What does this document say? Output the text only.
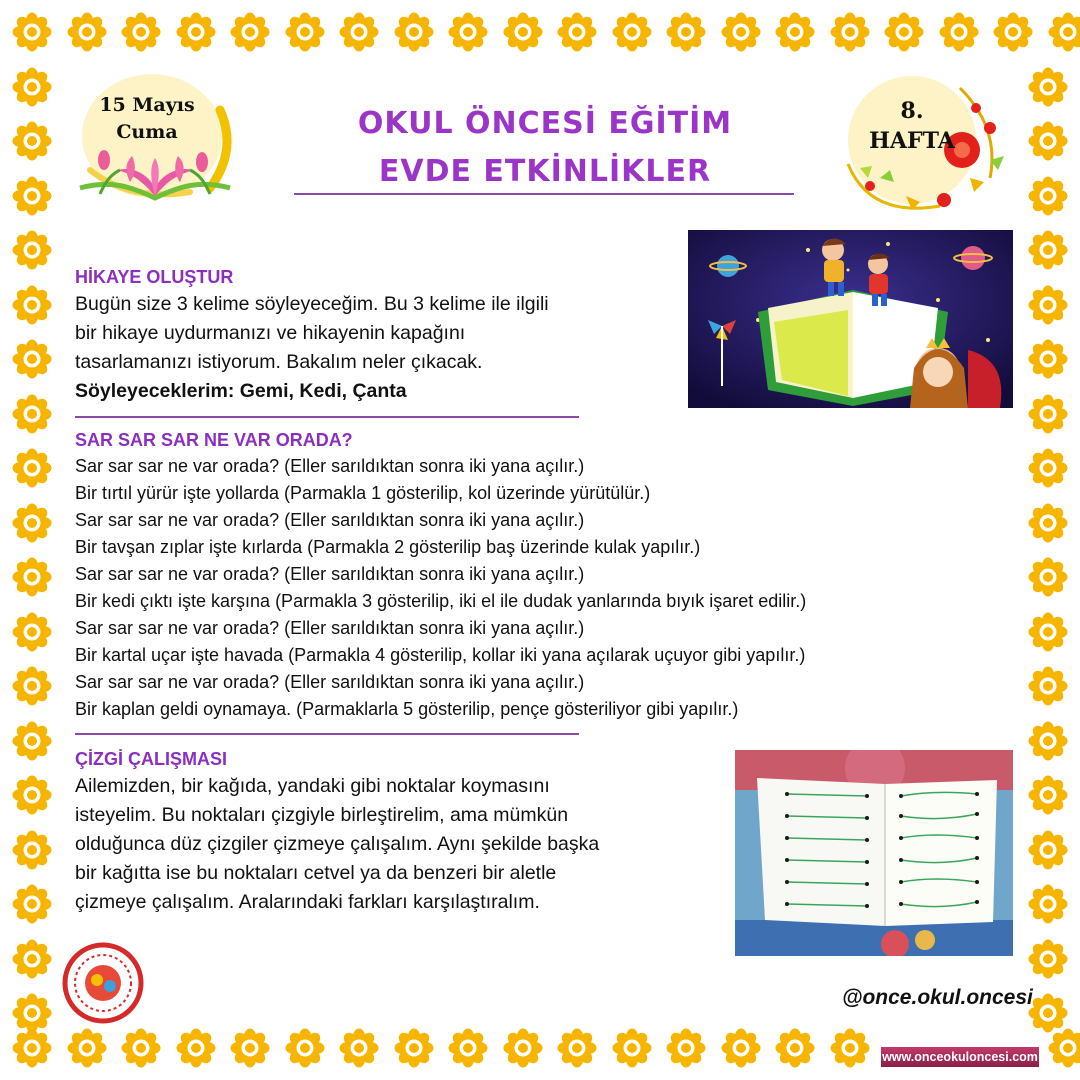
15 Mayıs
Cuma
8.
HAFTA
OKUL ÖNCESİ EĞİTİM
EVDE ETKİNLİKLER
HİKAYE OLUŞTUR
Bugün size 3 kelime söyleyeceğim. Bu 3 kelime ile ilgili
bir hikaye uydurmanızı ve hikayenin kapağını
tasarlamanızı istiyorum. Bakalım neler çıkacak.
Söyleyeceklerim: Gemi, Kedi, Çanta
SAR SAR SAR NE VAR ORADA?
Sar sar sar ne var orada? (Eller sarıldıktan sonra iki yana açılır.)
Bir tırtıl yürür işte yollarda (Parmakla 1 gösterilip, kol üzerinde yürütülür.)
Sar sar sar ne var orada? (Eller sarıldıktan sonra iki yana açılır.)
Bir tavşan zıplar işte kırlarda (Parmakla 2 gösterilip baş üzerinde kulak yapılır.)
Sar sar sar ne var orada? (Eller sarıldıktan sonra iki yana açılır.)
Bir kedi çıktı işte karşına (Parmakla 3 gösterilip, iki el ile dudak yanlarında bıyık işaret edilir.)
Sar sar sar ne var orada? (Eller sarıldıktan sonra iki yana açılır.)
Bir kartal uçar işte havada (Parmakla 4 gösterilip, kollar iki yana açılarak uçuyor gibi yapılır.)
Sar sar sar ne var orada? (Eller sarıldıktan sonra iki yana açılır.)
Bir kaplan geldi oynamaya. (Parmaklarla 5 gösterilip, pençe gösteriliyor gibi yapılır.)
ÇİZGİ ÇALIŞMASI
Ailemizden, bir kağıda, yandaki gibi noktalar koymasını
isteyelim. Bu noktaları çizgiyle birleştirelim, ama mümkün
olduğunca düz çizgiler çizmeye çalışalım. Aynı şekilde başka
bir kağıtta ise bu noktaları cetvel ya da benzeri bir aletle
çizmeye çalışalım. Aralarındaki farkları karşılaştıralım.
@once.okul.oncesi
www.onceokuloncesi.com
